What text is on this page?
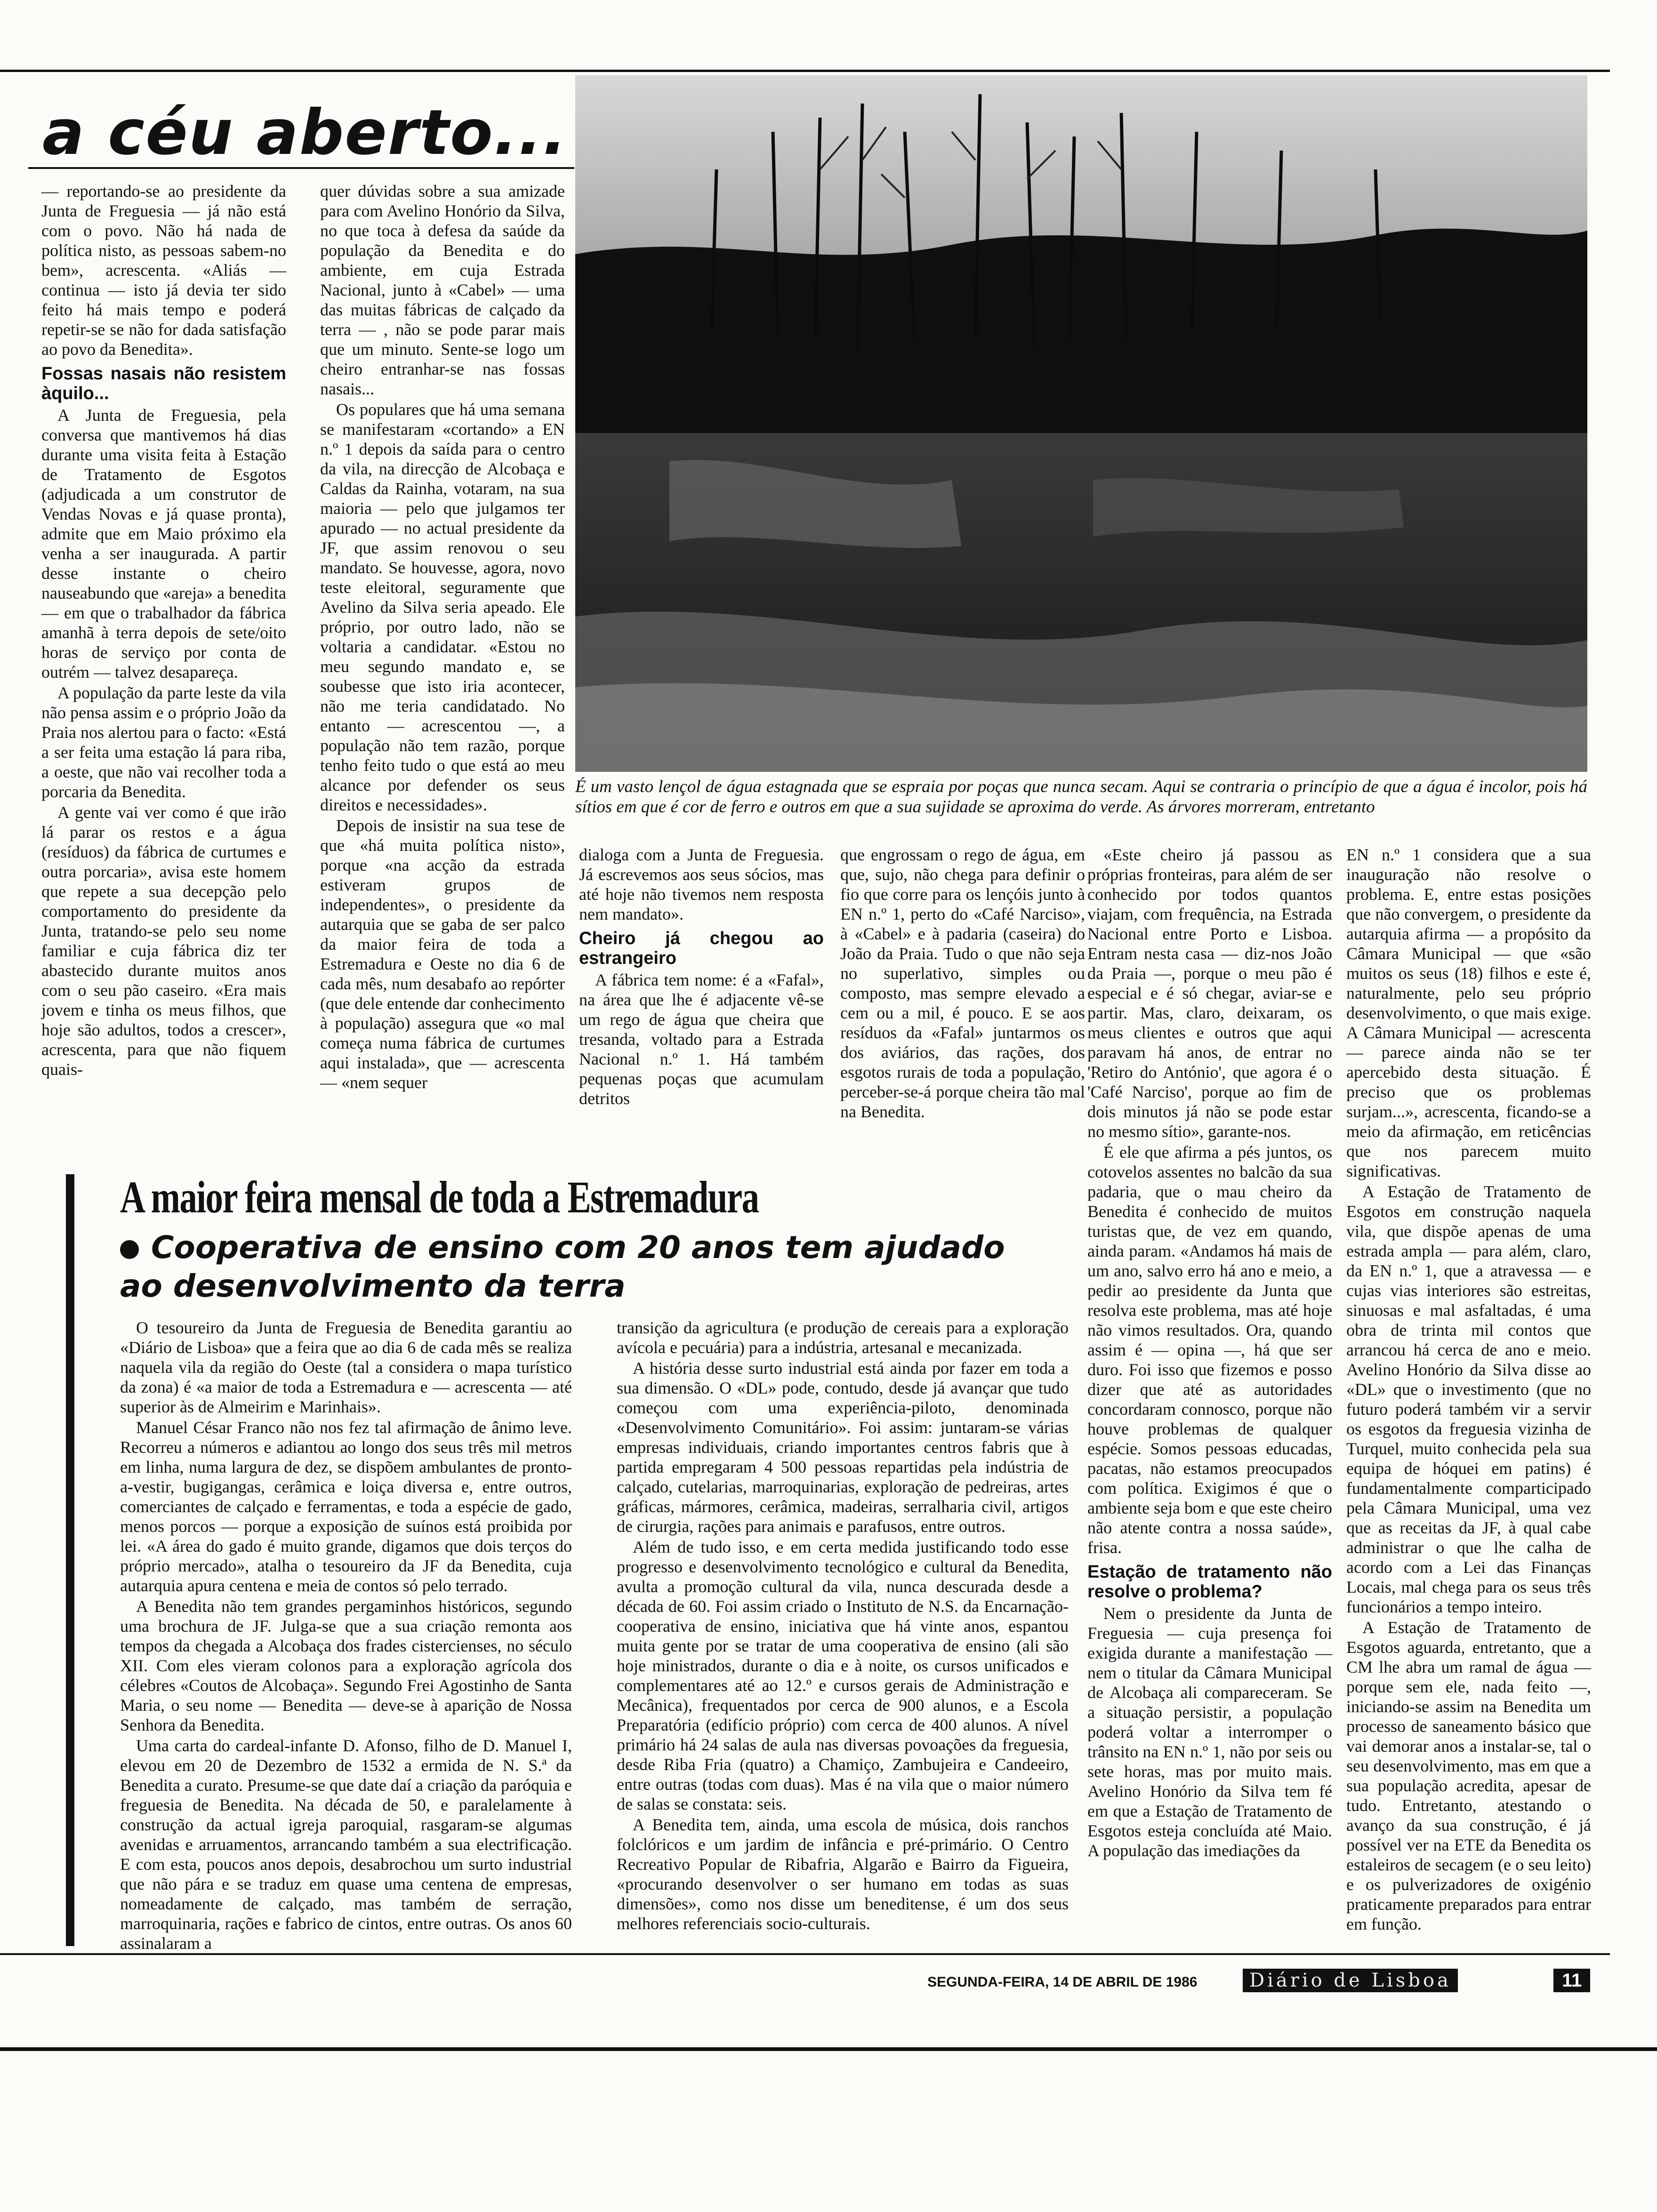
a céu aberto...
É um vasto lençol de água estagnada que se espraia por poças que nunca secam. Aqui se contraria o princípio de que a água é incolor, pois há sítios em que é cor de ferro e outros em que a sua sujidade se aproxima do verde. As árvores morreram, entretanto

— reportando-se ao presidente da Junta de Freguesia — já não está com o povo. Não há nada de política nisto, as pessoas sabem-no bem», acrescenta. «Aliás — continua — isto já devia ter sido feito há mais tempo e poderá repetir-se se não for dada satisfação ao povo da Benedita».

Fossas nasais não resistem àquilo...

A Junta de Freguesia, pela conversa que mantivemos há dias durante uma visita feita à Estação de Tratamento de Esgotos (adjudicada a um construtor de Vendas Novas e já quase pronta), admite que em Maio próximo ela venha a ser inaugurada. A partir desse instante o cheiro nauseabundo que «areja» a benedita — em que o trabalhador da fábrica amanhã à terra depois de sete/oito horas de serviço por conta de outrém — talvez desapareça.

A população da parte leste da vila não pensa assim e o próprio João da Praia nos alertou para o facto: «Está a ser feita uma estação lá para riba, a oeste, que não vai recolher toda a porcaria da Benedita.

A gente vai ver como é que irão lá parar os restos e a água (resíduos) da fábrica de curtumes e outra porcaria», avisa este homem que repete a sua decepção pelo comportamento do presidente da Junta, tratando-se pelo seu nome familiar e cuja fábrica diz ter abastecido durante muitos anos com o seu pão caseiro. «Era mais jovem e tinha os meus filhos, que hoje são adultos, todos a crescer», acrescenta, para que não fiquem quais-

quer dúvidas sobre a sua amizade para com Avelino Honório da Silva, no que toca à defesa da saúde da população da Benedita e do ambiente, em cuja Estrada Nacional, junto à «Cabel» — uma das muitas fábricas de calçado da terra — , não se pode parar mais que um minuto. Sente-se logo um cheiro entranhar-se nas fossas nasais...

Os populares que há uma semana se manifestaram «cortando» a EN n.º 1 depois da saída para o centro da vila, na direcção de Alcobaça e Caldas da Rainha, votaram, na sua maioria — pelo que julgamos ter apurado — no actual presidente da JF, que assim renovou o seu mandato. Se houvesse, agora, novo teste eleitoral, seguramente que Avelino da Silva seria apeado. Ele próprio, por outro lado, não se voltaria a candidatar. «Estou no meu segundo mandato e, se soubesse que isto iria acontecer, não me teria candidatado. No entanto — acrescentou —, a população não tem razão, porque tenho feito tudo o que está ao meu alcance por defender os seus direitos e necessidades».

Depois de insistir na sua tese de que «há muita política nisto», porque «na acção da estrada estiveram grupos de independentes», o presidente da autarquia que se gaba de ser palco da maior feira de toda a Estremadura e Oeste no dia 6 de cada mês, num desabafo ao repórter (que dele entende dar conhecimento à população) assegura que «o mal começa numa fábrica de curtumes aqui instalada», que — acrescenta — «nem sequer

dialoga com a Junta de Freguesia. Já escrevemos aos seus sócios, mas até hoje não tivemos nem resposta nem mandato».

Cheiro já chegou ao estrangeiro

A fábrica tem nome: é a «Fafal», na área que lhe é adjacente vê-se um rego de água que cheira que tresanda, voltado para a Estrada Nacional n.º 1. Há também pequenas poças que acumulam detritos

que engrossam o rego de água, em que, sujo, não chega para definir o fio que corre para os lençóis junto à EN n.º 1, perto do «Café Narciso», à «Cabel» e à padaria (caseira) do João da Praia. Tudo o que não seja no superlativo, simples ou composto, mas sempre elevado a cem ou a mil, é pouco. E se aos resíduos da «Fafal» juntarmos os dos aviários, das rações, dos esgotos rurais de toda a população, perceber-se-á porque cheira tão mal na Benedita.

«Este cheiro já passou as próprias fronteiras, para além de ser conhecido por todos quantos viajam, com frequência, na Estrada Nacional entre Porto e Lisboa. Entram nesta casa — diz-nos João da Praia —, porque o meu pão é especial e é só chegar, aviar-se e partir. Mas, claro, deixaram, os meus clientes e outros que aqui paravam há anos, de entrar no 'Retiro do António', que agora é o 'Café Narciso', porque ao fim de dois minutos já não se pode estar no mesmo sítio», garante-nos.

É ele que afirma a pés juntos, os cotovelos assentes no balcão da sua padaria, que o mau cheiro da Benedita é conhecido de muitos turistas que, de vez em quando, ainda param. «Andamos há mais de um ano, salvo erro há ano e meio, a pedir ao presidente da Junta que resolva este problema, mas até hoje não vimos resultados. Ora, quando assim é — opina —, há que ser duro. Foi isso que fizemos e posso dizer que até as autoridades concordaram connosco, porque não houve problemas de qualquer espécie. Somos pessoas educadas, pacatas, não estamos preocupados com política. Exigimos é que o ambiente seja bom e que este cheiro não atente contra a nossa saúde», frisa.

Estação de tratamento não resolve o problema?

Nem o presidente da Junta de Freguesia — cuja presença foi exigida durante a manifestação — nem o titular da Câmara Municipal de Alcobaça ali compareceram. Se a situação persistir, a população poderá voltar a interromper o trânsito na EN n.º 1, não por seis ou sete horas, mas por muito mais. Avelino Honório da Silva tem fé em que a Estação de Tratamento de Esgotos esteja concluída até Maio. A população das imediações da

EN n.º 1 considera que a sua inauguração não resolve o problema. E, entre estas posições que não convergem, o presidente da autarquia afirma — a propósito da Câmara Municipal — que «são muitos os seus (18) filhos e este é, naturalmente, pelo seu próprio desenvolvimento, o que mais exige. A Câmara Municipal — acrescenta — parece ainda não se ter apercebido desta situação. É preciso que os problemas surjam...», acrescenta, ficando-se a meio da afirmação, em reticências que nos parecem muito significativas.

A Estação de Tratamento de Esgotos em construção naquela vila, que dispõe apenas de uma estrada ampla — para além, claro, da EN n.º 1, que a atravessa — e cujas vias interiores são estreitas, sinuosas e mal asfaltadas, é uma obra de trinta mil contos que arrancou há cerca de ano e meio. Avelino Honório da Silva disse ao «DL» que o investimento (que no futuro poderá também vir a servir os esgotos da freguesia vizinha de Turquel, muito conhecida pela sua equipa de hóquei em patins) é fundamentalmente comparticipado pela Câmara Municipal, uma vez que as receitas da JF, à qual cabe administrar o que lhe calha de acordo com a Lei das Finanças Locais, mal chega para os seus três funcionários a tempo inteiro.

A Estação de Tratamento de Esgotos aguarda, entretanto, que a CM lhe abra um ramal de água — porque sem ele, nada feito —, iniciando-se assim na Benedita um processo de saneamento básico que vai demorar anos a instalar-se, tal o seu desenvolvimento, mas em que a sua população acredita, apesar de tudo. Entretanto, atestando o avanço da sua construção, é já possível ver na ETE da Benedita os estaleiros de secagem (e o seu leito) e os pulverizadores de oxigénio praticamente preparados para entrar em função.

A maior feira mensal de toda a Estremadura
Cooperativa de ensino com 20 anos tem ajudado ao desenvolvimento da terra

O tesoureiro da Junta de Freguesia de Benedita garantiu ao «Diário de Lisboa» que a feira que ao dia 6 de cada mês se realiza naquela vila da região do Oeste (tal a considera o mapa turístico da zona) é «a maior de toda a Estremadura e — acrescenta — até superior às de Almeirim e Marinhais».

Manuel César Franco não nos fez tal afirmação de ânimo leve. Recorreu a números e adiantou ao longo dos seus três mil metros em linha, numa largura de dez, se dispõem ambulantes de pronto-a-vestir, bugigangas, cerâmica e loiça diversa e, entre outros, comerciantes de calçado e ferramentas, e toda a espécie de gado, menos porcos — porque a exposição de suínos está proibida por lei. «A área do gado é muito grande, digamos que dois terços do próprio mercado», atalha o tesoureiro da JF da Benedita, cuja autarquia apura centena e meia de contos só pelo terrado.

A Benedita não tem grandes pergaminhos históricos, segundo uma brochura de JF. Julga-se que a sua criação remonta aos tempos da chegada a Alcobaça dos frades cistercienses, no século XII. Com eles vieram colonos para a exploração agrícola dos célebres «Coutos de Alcobaça». Segundo Frei Agostinho de Santa Maria, o seu nome — Benedita — deve-se à aparição de Nossa Senhora da Benedita.

Uma carta do cardeal-infante D. Afonso, filho de D. Manuel I, elevou em 20 de Dezembro de 1532 a ermida de N. S.ª da Benedita a curato. Presume-se que date daí a criação da paróquia e freguesia de Benedita. Na década de 50, e paralelamente à construção da actual igreja paroquial, rasgaram-se algumas avenidas e arruamentos, arrancando também a sua electrificação. E com esta, poucos anos depois, desabrochou um surto industrial que não pára e se traduz em quase uma centena de empresas, nomeadamente de calçado, mas também de serração, marroquinaria, rações e fabrico de cintos, entre outras. Os anos 60 assinalaram a

transição da agricultura (e produção de cereais para a exploração avícola e pecuária) para a indústria, artesanal e mecanizada.

A história desse surto industrial está ainda por fazer em toda a sua dimensão. O «DL» pode, contudo, desde já avançar que tudo começou com uma experiência-piloto, denominada «Desenvolvimento Comunitário». Foi assim: juntaram-se várias empresas individuais, criando importantes centros fabris que à partida empregaram 4 500 pessoas repartidas pela indústria de calçado, cutelarias, marroquinarias, exploração de pedreiras, artes gráficas, mármores, cerâmica, madeiras, serralharia civil, artigos de cirurgia, rações para animais e parafusos, entre outros.

Além de tudo isso, e em certa medida justificando todo esse progresso e desenvolvimento tecnológico e cultural da Benedita, avulta a promoção cultural da vila, nunca descurada desde a década de 60. Foi assim criado o Instituto de N.S. da Encarnação-cooperativa de ensino, iniciativa que há vinte anos, espantou muita gente por se tratar de uma cooperativa de ensino (ali são hoje ministrados, durante o dia e à noite, os cursos unificados e complementares até ao 12.º e cursos gerais de Administração e Mecânica), frequentados por cerca de 900 alunos, e a Escola Preparatória (edifício próprio) com cerca de 400 alunos. A nível primário há 24 salas de aula nas diversas povoações da freguesia, desde Riba Fria (quatro) a Chamiço, Zambujeira e Candeeiro, entre outras (todas com duas). Mas é na vila que o maior número de salas se constata: seis.

A Benedita tem, ainda, uma escola de música, dois ranchos folclóricos e um jardim de infância e pré-primário. O Centro Recreativo Popular de Ribafria, Algarão e Bairro da Figueira, «procurando desenvolver o ser humano em todas as suas dimensões», como nos disse um beneditense, é um dos seus melhores referenciais socio-culturais.

SEGUNDA-FEIRA, 14 DE ABRIL DE 1986	Diário de Lisboa	11
